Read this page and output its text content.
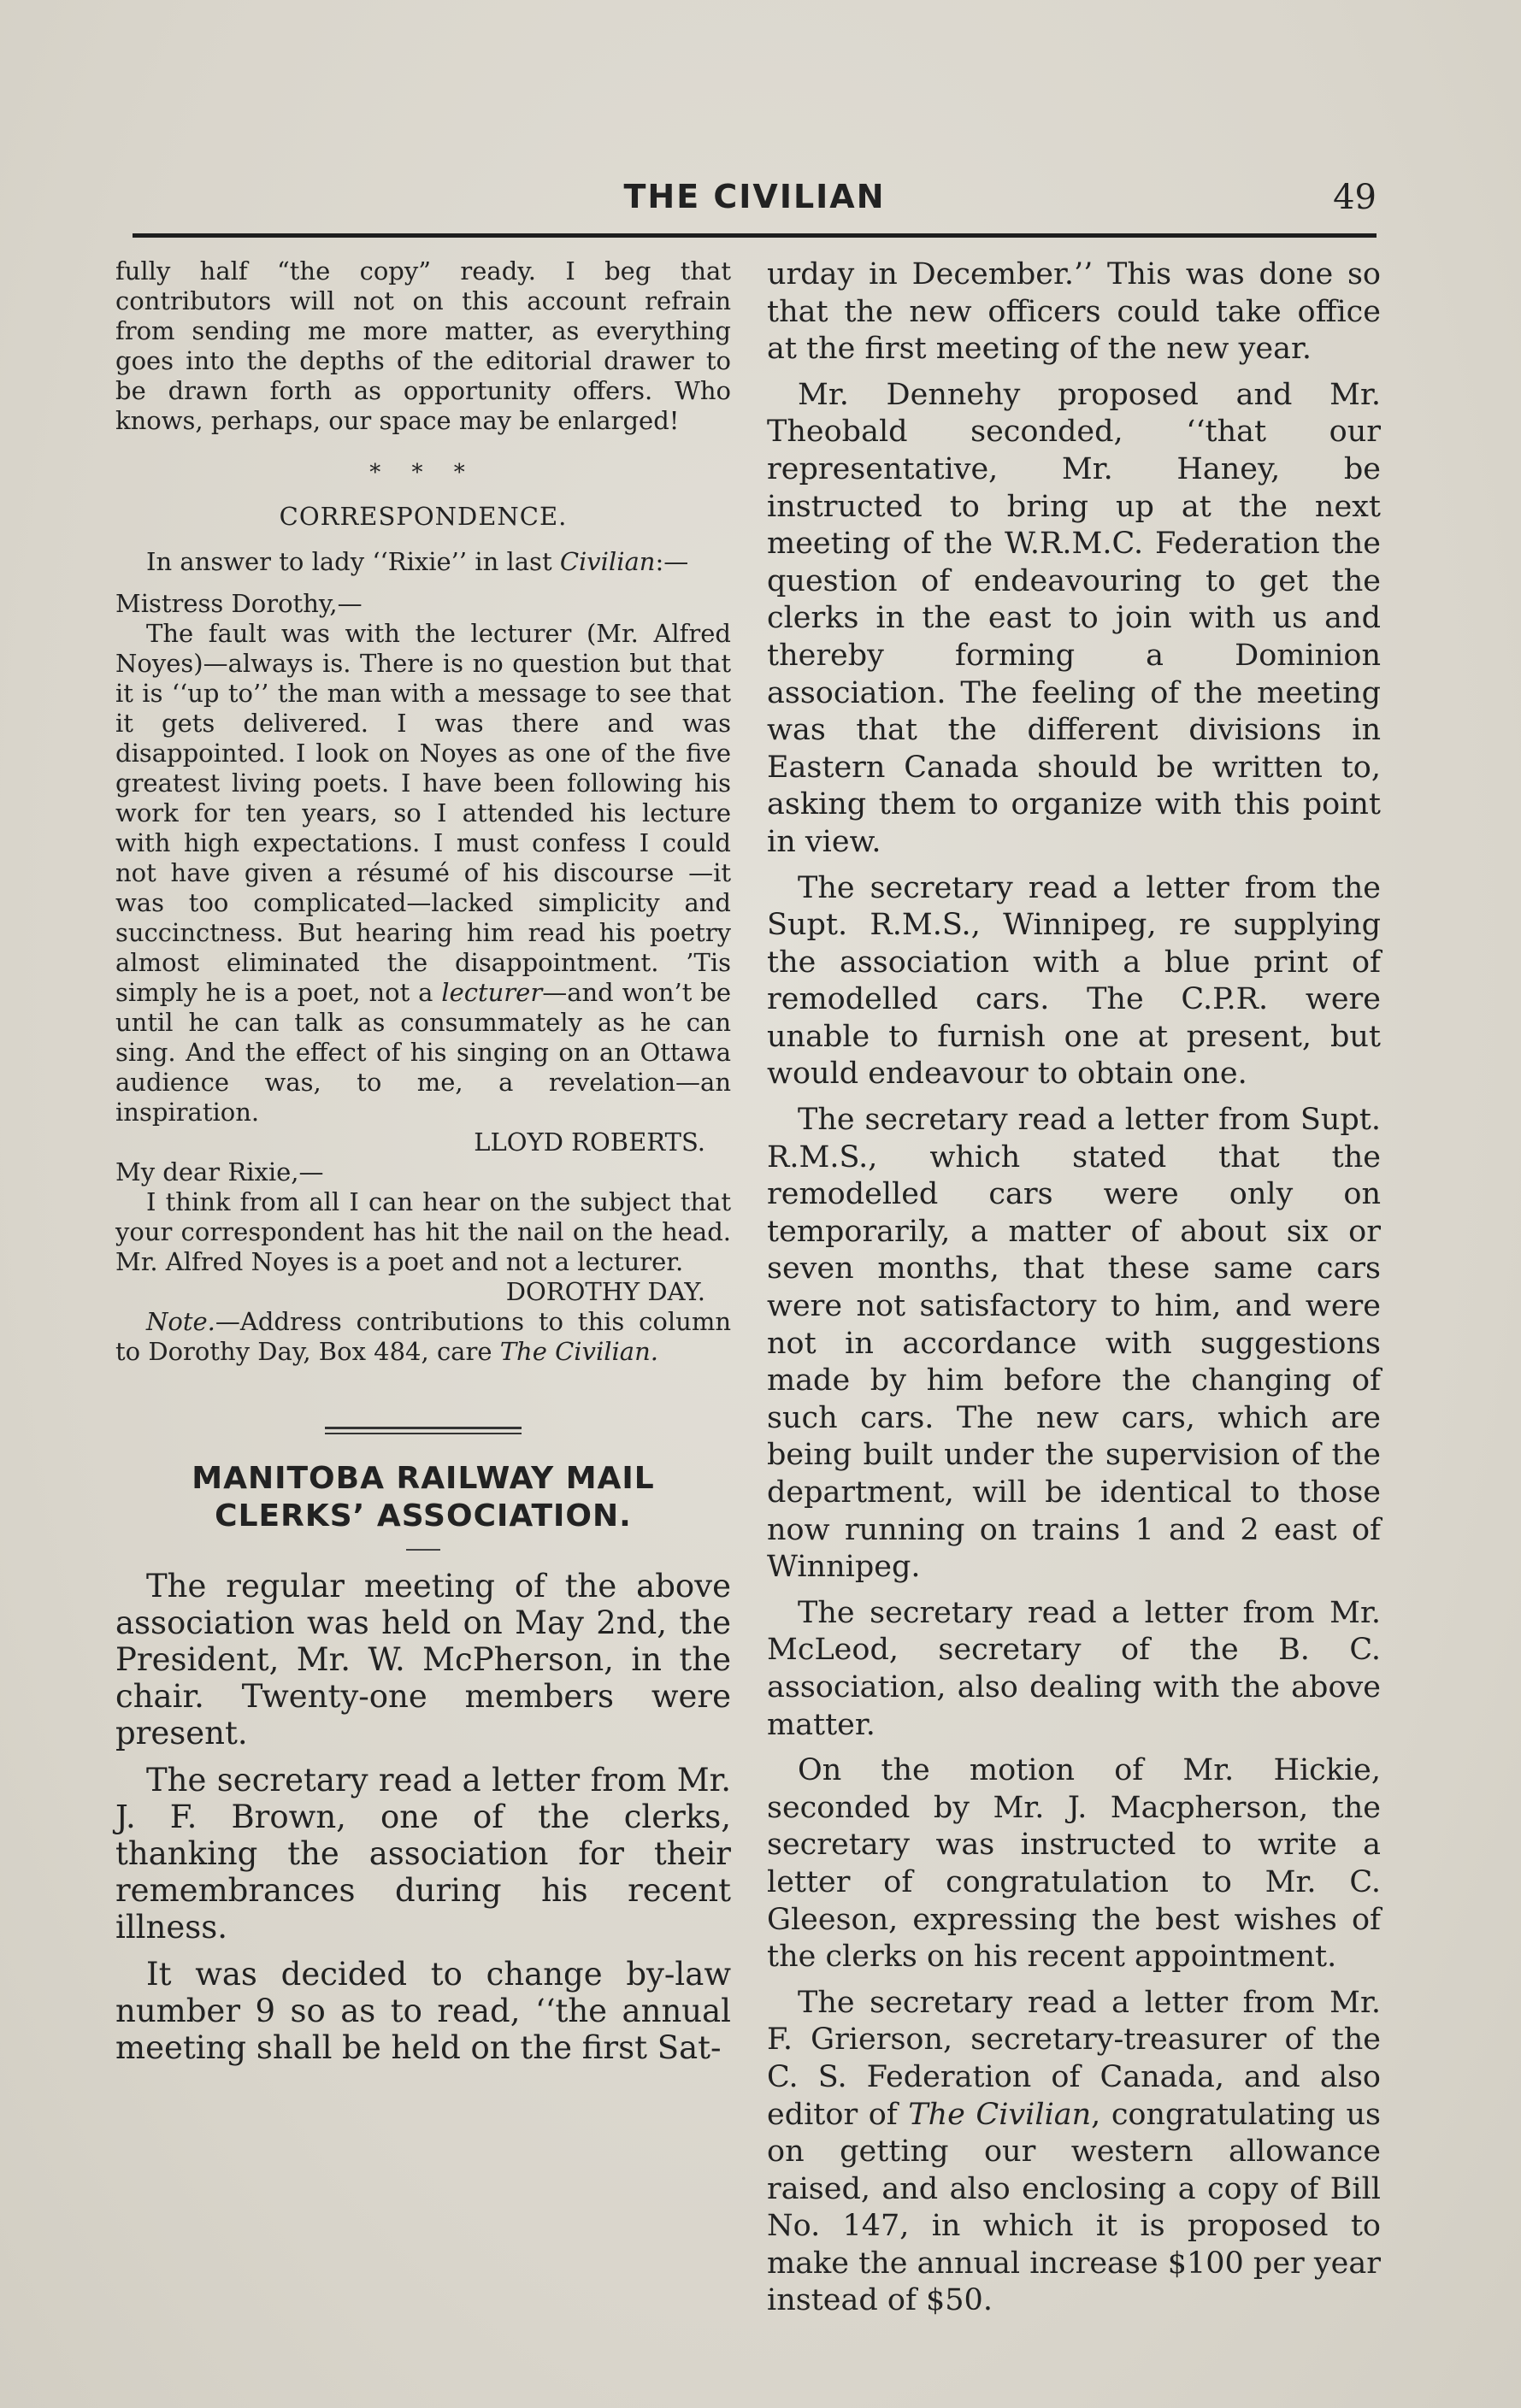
THE CIVILIAN	49

fully half “the copy” ready. I beg that contributors will not on this account refrain from sending me more matter, as everything goes into the depths of the editorial drawer to be drawn forth as opportunity offers. Who knows, perhaps, our space may be enlarged!

* * *
CORRESPONDENCE.

In answer to lady ‘‘Rixie’’ in last Civilian:—

Mistress Dorothy,—

The fault was with the lecturer (Mr. Alfred Noyes)—always is. There is no question but that it is ‘‘up to’’ the man with a message to see that it gets delivered. I was there and was disappointed. I look on Noyes as one of the five greatest living poets. I have been following his work for ten years, so I attended his lecture with high expectations. I must confess I could not have given a résumé of his discourse —it was too complicated—lacked simplicity and succinctness. But hearing him read his poetry almost eliminated the disappointment. ’Tis simply he is a poet, not a lecturer—and won’t be until he can talk as consummately as he can sing. And the effect of his singing on an Ottawa audience was, to me, a revelation—an inspiration.

LLOYD ROBERTS.

My dear Rixie,—

I think from all I can hear on the subject that your correspondent has hit the nail on the head. Mr. Alfred Noyes is a poet and not a lecturer.

DOROTHY DAY.

Note.—Address contributions to this column to Dorothy Day, Box 484, care The Civilian.

MANITOBA RAILWAY MAIL
CLERKS’ ASSOCIATION.

The regular meeting of the above association was held on May 2nd, the President, Mr. W. McPherson, in the chair. Twenty-one members were present.

The secretary read a letter from Mr. J. F. Brown, one of the clerks, thanking the association for their remembrances during his recent illness.

It was decided to change by-law number 9 so as to read, ‘‘the annual meeting shall be held on the first Sat-

urday in December.’’ This was done so that the new officers could take office at the first meeting of the new year.

Mr. Dennehy proposed and Mr. Theobald seconded, ‘‘that our representative, Mr. Haney, be instructed to bring up at the next meeting of the W.R.M.C. Federation the question of endeavouring to get the clerks in the east to join with us and thereby forming a Dominion association. The feeling of the meeting was that the different divisions in Eastern Canada should be written to, asking them to organize with this point in view.

The secretary read a letter from the Supt. R.M.S., Winnipeg, re supplying the association with a blue print of remodelled cars. The C.P.R. were unable to furnish one at present, but would endeavour to obtain one.

The secretary read a letter from Supt. R.M.S., which stated that the remodelled cars were only on temporarily, a matter of about six or seven months, that these same cars were not satisfactory to him, and were not in accordance with suggestions made by him before the changing of such cars. The new cars, which are being built under the supervision of the department, will be identical to those now running on trains 1 and 2 east of Winnipeg.

The secretary read a letter from Mr. McLeod, secretary of the B. C. association, also dealing with the above matter.

On the motion of Mr. Hickie, seconded by Mr. J. Macpherson, the secretary was instructed to write a letter of congratulation to Mr. C. Gleeson, expressing the best wishes of the clerks on his recent appointment.

The secretary read a letter from Mr. F. Grierson, secretary-treasurer of the C. S. Federation of Canada, and also editor of The Civilian, congratulating us on getting our western allowance raised, and also enclosing a copy of Bill No. 147, in which it is proposed to make the annual increase $100 per year instead of $50.
